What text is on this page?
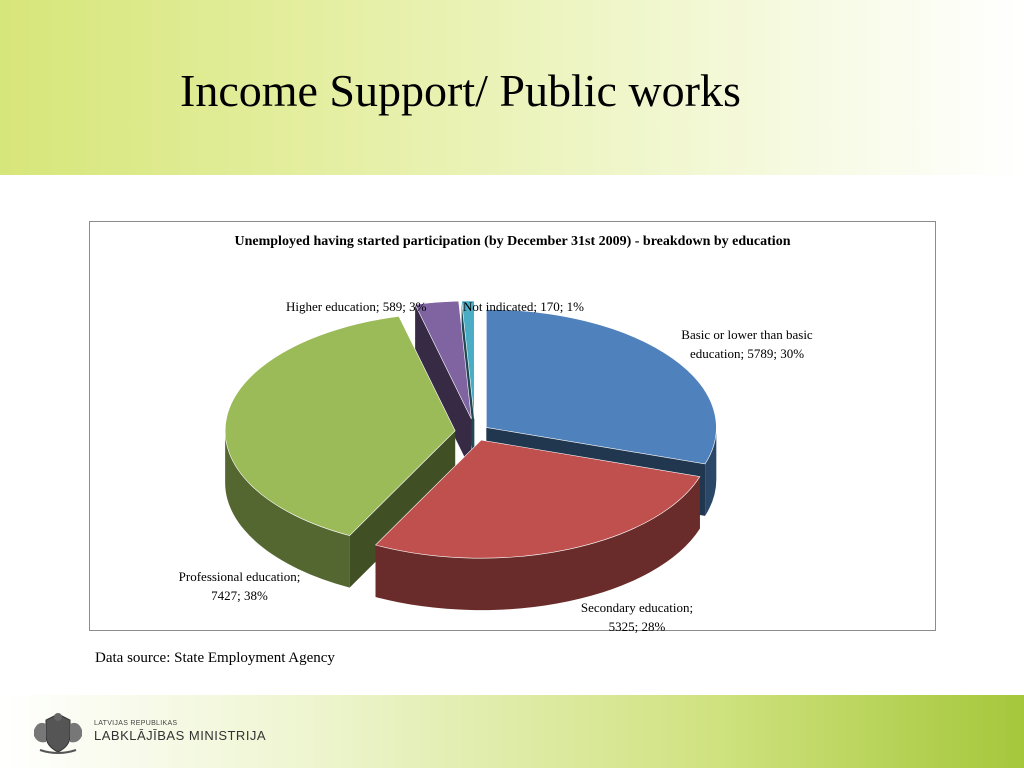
Income Support/ Public works
Unemployed having started participation (by December 31st 2009) - breakdown by education
Basic or lower than basic
education; 5789; 30%
Secondary education;
5325; 28%
Professional education;
7427; 38%
Higher education; 589; 3%	Not indicated; 170; 1%
Data source: State Employment Agency
LATVIJAS REPUBLIKAS
LABKLĀJĪBAS MINISTRIJA
